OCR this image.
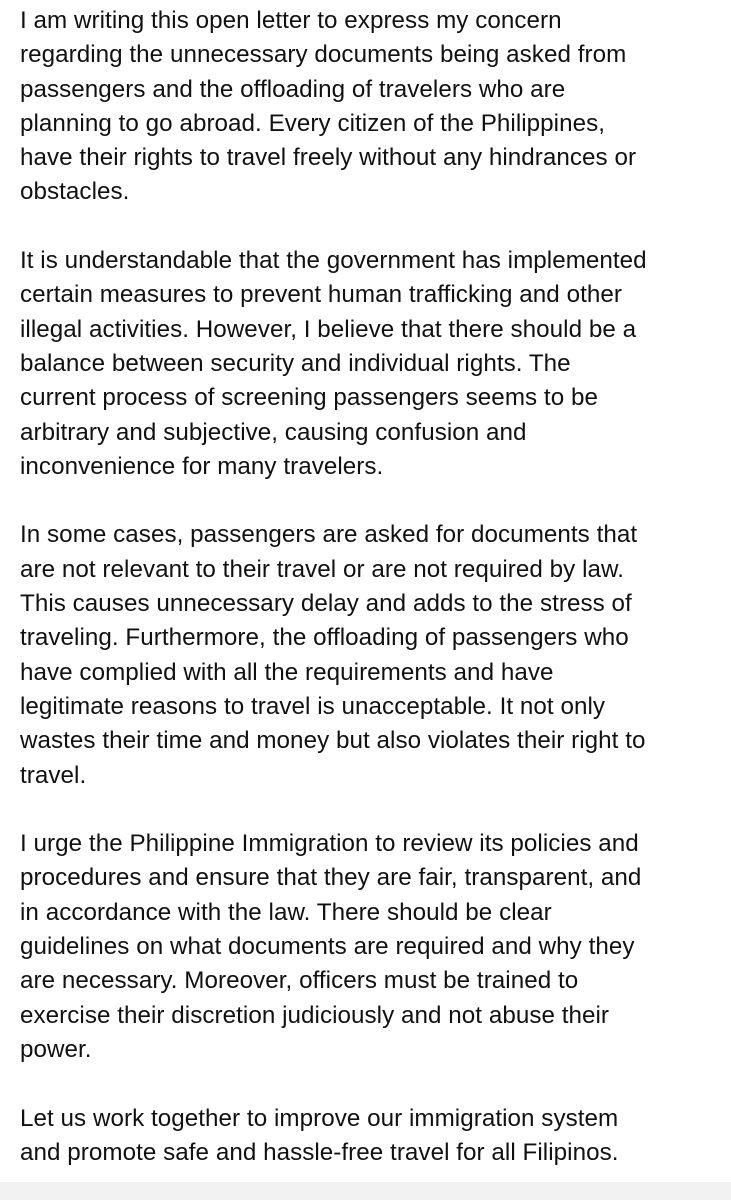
I am writing this open letter to express my concern
regarding the unnecessary documents being asked from
passengers and the offloading of travelers who are
planning to go abroad. Every citizen of the Philippines,
have their rights to travel freely without any hindrances or
obstacles.

It is understandable that the government has implemented
certain measures to prevent human trafficking and other
illegal activities. However, I believe that there should be a
balance between security and individual rights. The
current process of screening passengers seems to be
arbitrary and subjective, causing confusion and
inconvenience for many travelers.

In some cases, passengers are asked for documents that
are not relevant to their travel or are not required by law.
This causes unnecessary delay and adds to the stress of
traveling. Furthermore, the offloading of passengers who
have complied with all the requirements and have
legitimate reasons to travel is unacceptable. It not only
wastes their time and money but also violates their right to
travel.

I urge the Philippine Immigration to review its policies and
procedures and ensure that they are fair, transparent, and
in accordance with the law. There should be clear
guidelines on what documents are required and why they
are necessary. Moreover, officers must be trained to
exercise their discretion judiciously and not abuse their
power.

Let us work together to improve our immigration system
and promote safe and hassle-free travel for all Filipinos.
